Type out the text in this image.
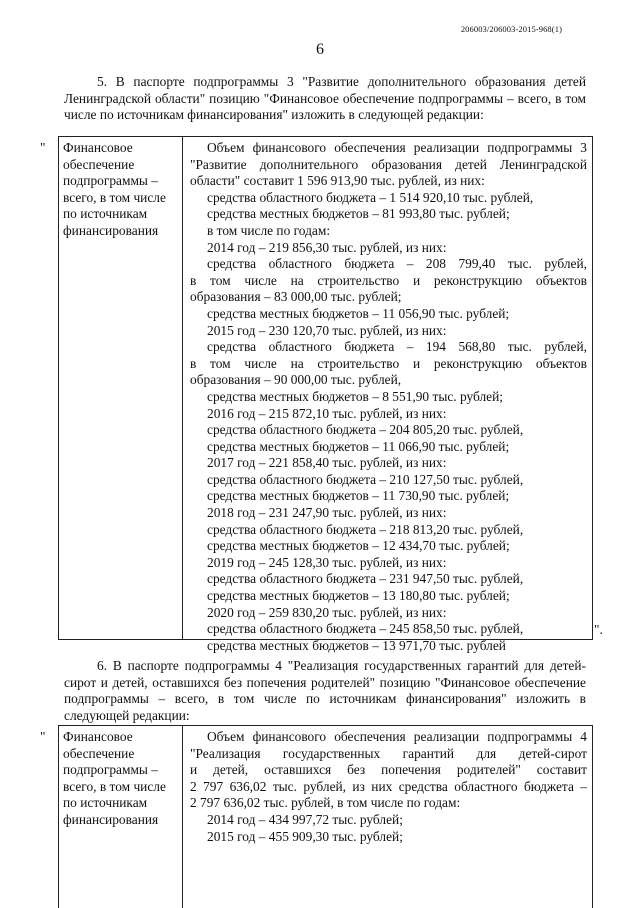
206003/206003-2015-968(1)
6

5. В паспорте подпрограммы 3 "Развитие дополнительного образования детей Ленинградской области" позицию "Финансовое обеспечение подпрограммы – всего, в том числе по источникам финансирования" изложить в следующей редакции:

" Финансовое
обеспечение
подпрограммы –
всего, в том числе
по источникам
финансирования
Объем финансового обеспечения реализации подпрограммы 3
"Развитие дополнительного образования детей Ленинградской
области" составит 1 596 913,90 тыс. рублей, из них:
средства областного бюджета – 1 514 920,10 тыс. рублей,
средства местных бюджетов – 81 993,80 тыс. рублей;
в том числе по годам:
2014 год – 219 856,30 тыс. рублей, из них:
средства областного бюджета – 208 799,40 тыс. рублей,
в том числе на строительство и реконструкцию объектов
образования – 83 000,00 тыс. рублей;
средства местных бюджетов – 11 056,90 тыс. рублей;
2015 год – 230 120,70 тыс. рублей, из них:
средства областного бюджета – 194 568,80 тыс. рублей,
в том числе на строительство и реконструкцию объектов
образования – 90 000,00 тыс. рублей,
средства местных бюджетов – 8 551,90 тыс. рублей;
2016 год – 215 872,10 тыс. рублей, из них:
средства областного бюджета – 204 805,20 тыс. рублей,
средства местных бюджетов – 11 066,90 тыс. рублей;
2017 год – 221 858,40 тыс. рублей, из них:
средства областного бюджета – 210 127,50 тыс. рублей,
средства местных бюджетов – 11 730,90 тыс. рублей;
2018 год – 231 247,90 тыс. рублей, из них:
средства областного бюджета – 218 813,20 тыс. рублей,
средства местных бюджетов – 12 434,70 тыс. рублей;
2019 год – 245 128,30 тыс. рублей, из них:
средства областного бюджета – 231 947,50 тыс. рублей,
средства местных бюджетов – 13 180,80 тыс. рублей;
2020 год – 259 830,20 тыс. рублей, из них:
средства областного бюджета – 245 858,50 тыс. рублей,
средства местных бюджетов – 13 971,70 тыс. рублей
".

6. В паспорте подпрограммы 4 "Реализация государственных гарантий для детей-сирот и детей, оставшихся без попечения родителей" позицию "Финансовое обеспечение подпрограммы – всего, в том числе по источникам финансирования" изложить в следующей редакции:

" Финансовое
обеспечение
подпрограммы –
всего, в том числе
по источникам
финансирования
Объем финансового обеспечения реализации подпрограммы 4
"Реализация государственных гарантий для детей-сирот
и детей, оставшихся без попечения родителей" составит
2 797 636,02 тыс. рублей, из них средства областного бюджета –
2 797 636,02 тыс. рублей, в том числе по годам:
2014 год – 434 997,72 тыс. рублей;
2015 год – 455 909,30 тыс. рублей;
